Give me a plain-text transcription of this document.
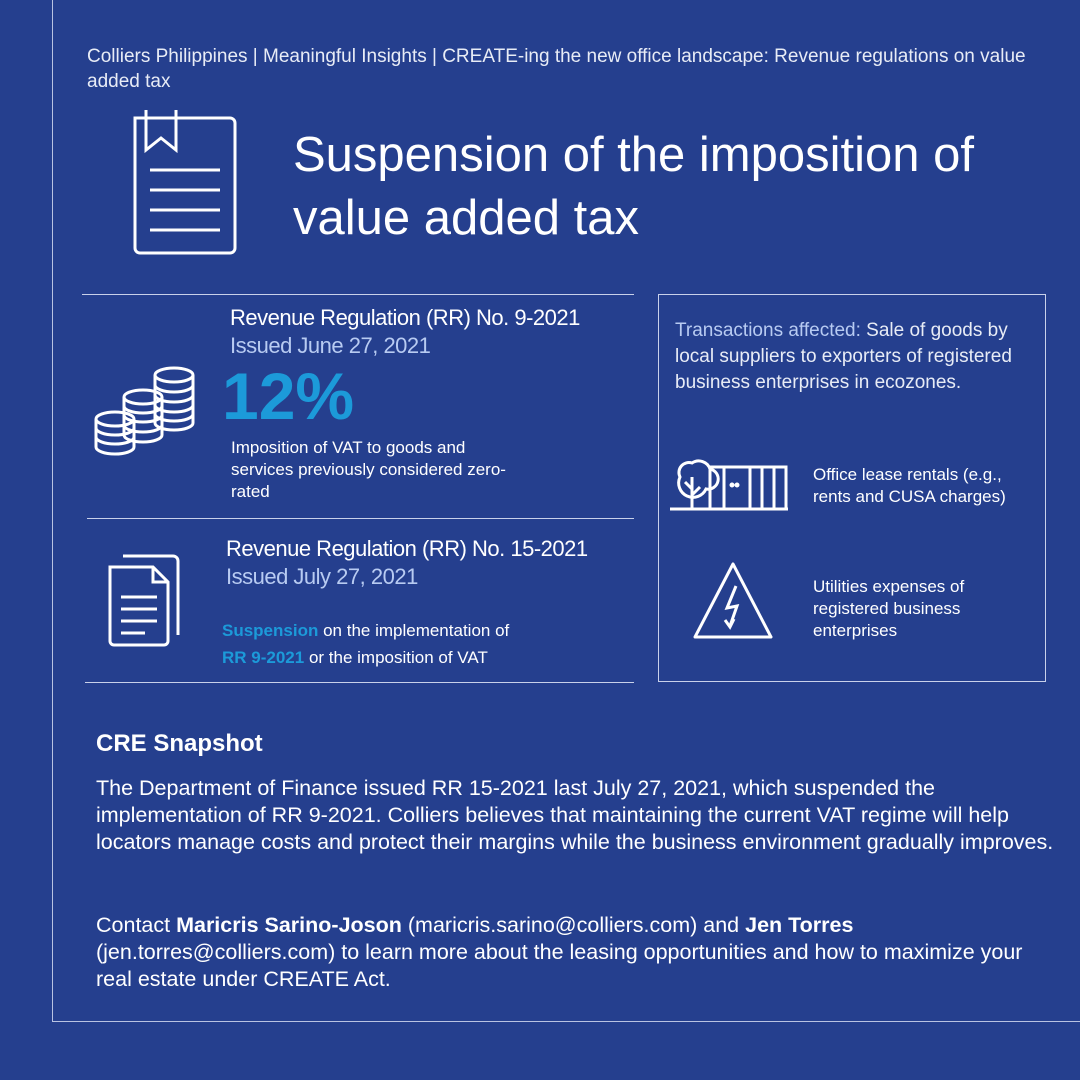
Colliers Philippines | Meaningful Insights | CREATE-ing the new office landscape: Revenue regulations on value added tax
Suspension of the imposition of value added tax
Revenue Regulation (RR) No. 9-2021
Issued June 27, 2021
12%
Imposition of VAT to goods and services previously considered zero-rated
Revenue Regulation (RR) No. 15-2021
Issued July 27, 2021
Suspension on the implementation of
RR 9-2021 or the imposition of VAT
Transactions affected: Sale of goods by local suppliers to exporters of registered business enterprises in ecozones.
Office lease rentals (e.g., rents and CUSA charges)
Utilities expenses of registered business enterprises
CRE Snapshot
The Department of Finance issued RR 15-2021 last July 27, 2021, which suspended the implementation of RR 9-2021. Colliers believes that maintaining the current VAT regime will help locators manage costs and protect their margins while the business environment gradually improves.
Contact Maricris Sarino-Joson (maricris.sarino@colliers.com) and Jen Torres (jen.torres@colliers.com) to learn more about the leasing opportunities and how to maximize your real estate under CREATE Act.
